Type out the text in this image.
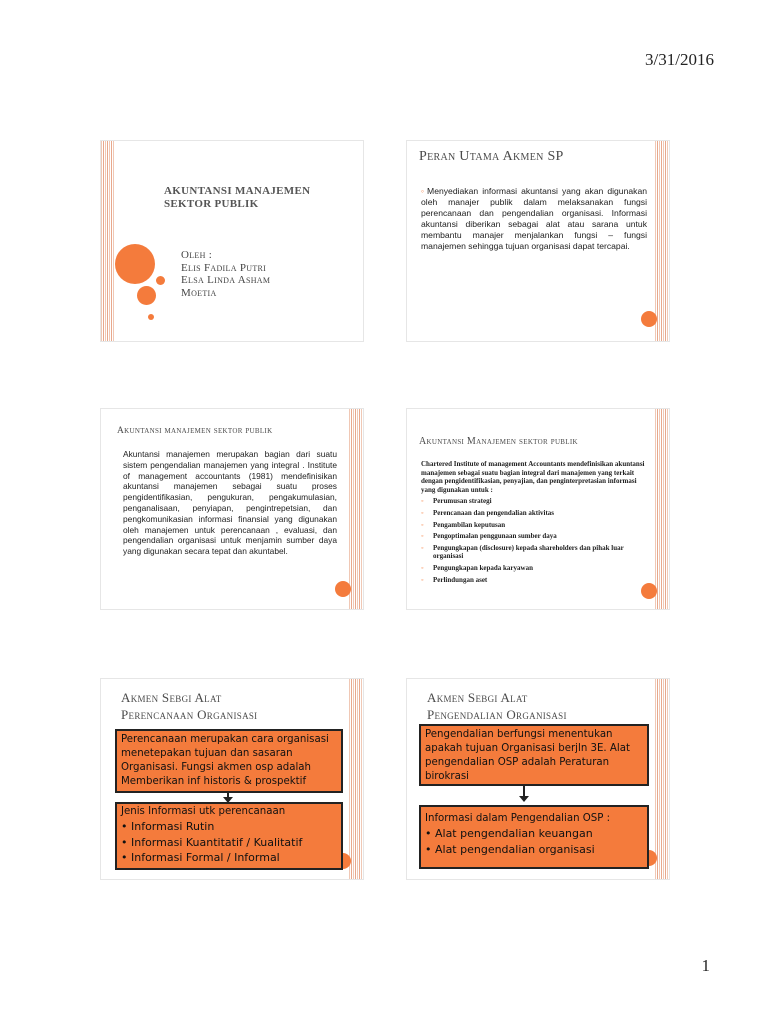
3/31/2016
AKUNTANSI MANAJEMEN
SEKTOR PUBLIK
Oleh :
Elis Fadila Putri
Elsa Linda Asham
Moetia
Peran Utama Akmen SP
◦ Menyediakan informasi akuntansi yang akan digunakan oleh manajer publik dalam melaksanakan fungsi perencanaan dan pengendalian organisasi. Informasi akuntansi diberikan sebagai alat atau sarana untuk membantu manajer menjalankan fungsi – fungsi manajemen sehingga tujuan organisasi dapat tercapai.
Akuntansi manajemen sektor publik
Akuntansi manajemen merupakan bagian dari suatu sistem pengendalian manajemen yang integral . Institute of management accountants (1981) mendefinisikan akuntansi manajemen sebagai suatu proses pengidentifikasian, pengukuran, pengakumulasian, penganalisaan, penyiapan, pengintrepetsian, dan pengkomunikasian informasi finansial yang digunakan oleh manajemen untuk perencanaan , evaluasi, dan pengendalian organisasi untuk menjamin sumber daya yang digunakan secara tepat dan akuntabel.
Akuntansi Manajemen sektor publik
Chartered Institute of management Accountants mendefinisikan akuntansi manajemen sebagai suatu bagian integral dari manajemen yang terkait dengan pengidentifikasian, penyajian, dan penginterpretasian informasi yang digunakan untuk :
◦ Perumusan strategi
◦ Perencanaan dan pengendalian aktivitas
◦ Pengambilan keputusan
◦ Pengoptimalan penggunaan sumber daya
◦ Pengungkapan (disclosure) kepada shareholders dan pihak luar organisasi
◦ Pengungkapan kepada karyawan
◦ Perlindungan aset
Akmen Sebgi Alat
Perencanaan Organisasi
Perencanaan merupakan cara organisasi menetepakan tujuan dan sasaran Organisasi. Fungsi akmen osp adalah Memberikan inf historis & prospektif
Jenis Informasi utk perencanaan
• Informasi Rutin
• Informasi Kuantitatif / Kualitatif
• Informasi Formal / Informal
Akmen Sebgi Alat
Pengendalian Organisasi
Pengendalian berfungsi menentukan apakah tujuan Organisasi berjln 3E. Alat pengendalian OSP adalah Peraturan birokrasi
Informasi dalam Pengendalian OSP :
• Alat pengendalian keuangan
• Alat pengendalian organisasi
1
